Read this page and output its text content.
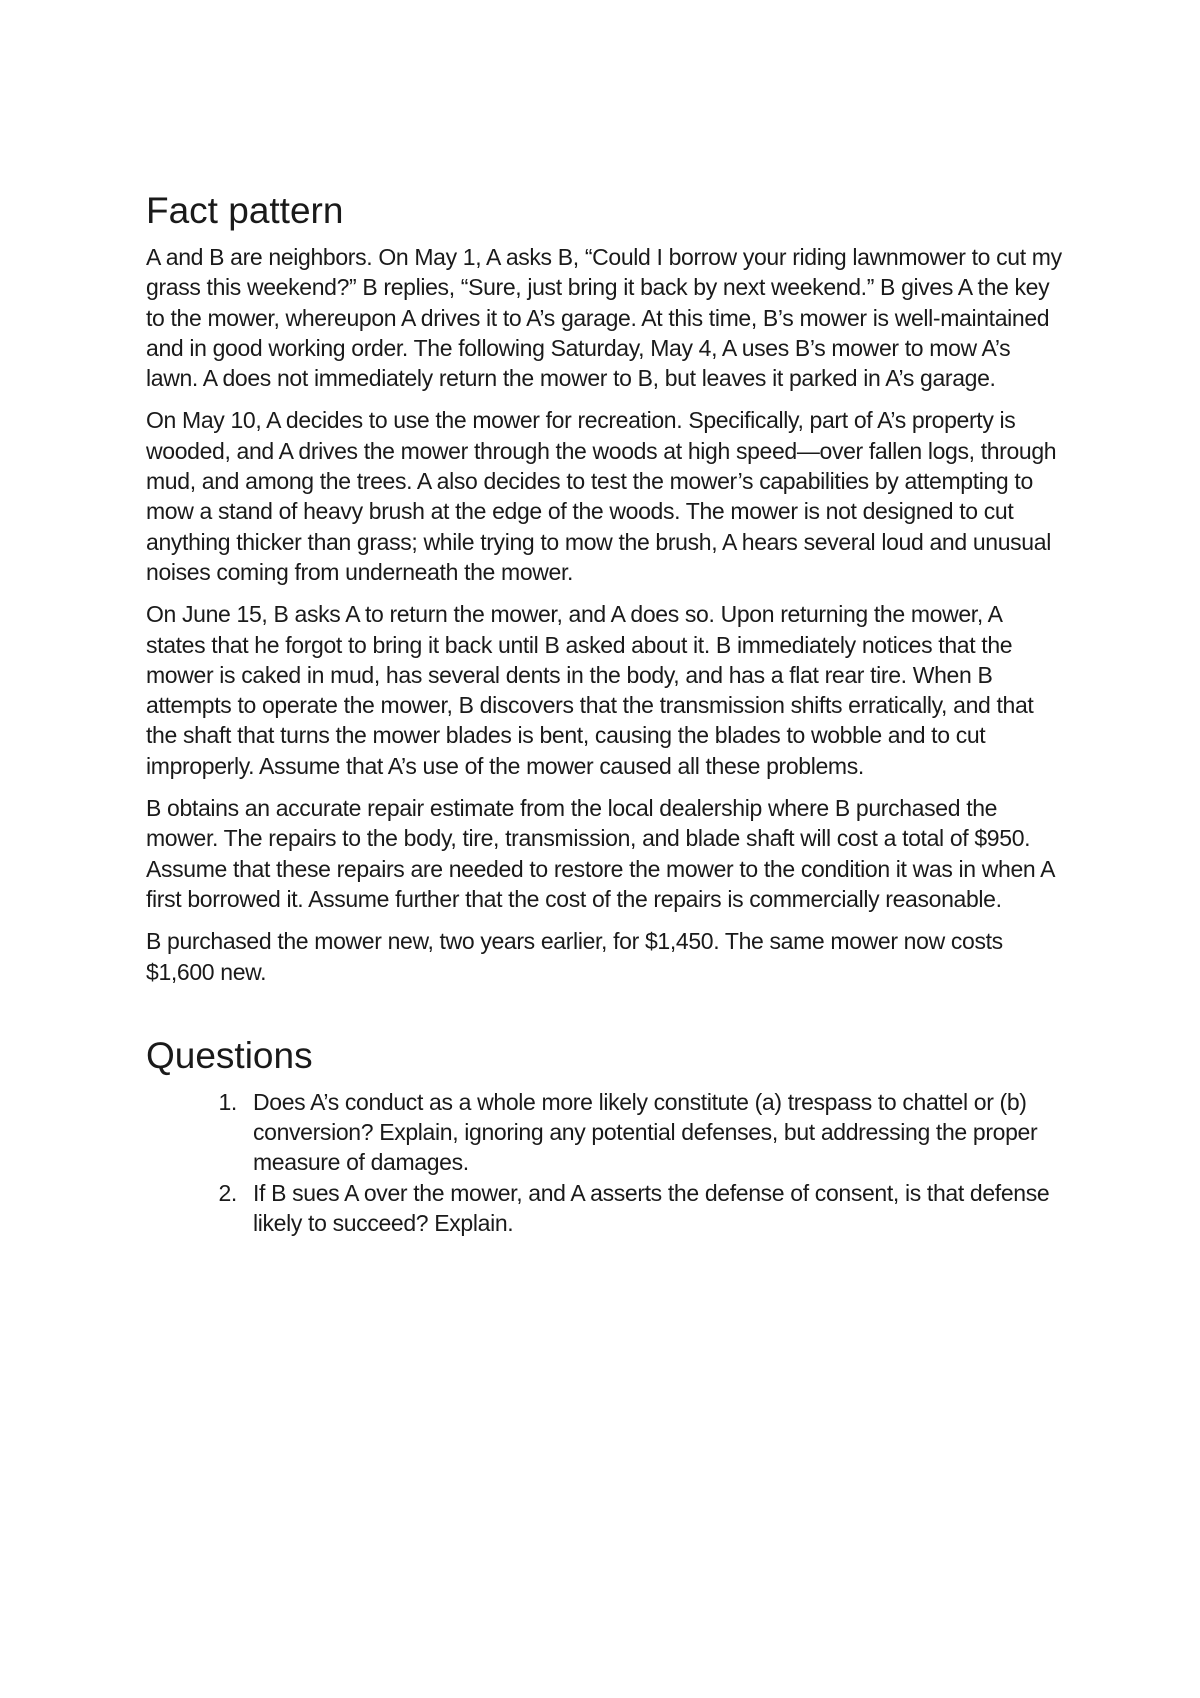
Fact pattern

A and B are neighbors. On May 1, A asks B, “Could I borrow your riding lawnmower to cut my grass this weekend?” B replies, “Sure, just bring it back by next weekend.” B gives A the key to the mower, whereupon A drives it to A’s garage. At this time, B’s mower is well-maintained and in good working order. The following Saturday, May 4, A uses B’s mower to mow A’s lawn. A does not immediately return the mower to B, but leaves it parked in A’s garage.

On May 10, A decides to use the mower for recreation. Specifically, part of A’s property is wooded, and A drives the mower through the woods at high speed—over fallen logs, through mud, and among the trees. A also decides to test the mower’s capabilities by attempting to mow a stand of heavy brush at the edge of the woods. The mower is not designed to cut anything thicker than grass; while trying to mow the brush, A hears several loud and unusual noises coming from underneath the mower.

On June 15, B asks A to return the mower, and A does so. Upon returning the mower, A states that he forgot to bring it back until B asked about it. B immediately notices that the mower is caked in mud, has several dents in the body, and has a flat rear tire. When B attempts to operate the mower, B discovers that the transmission shifts erratically, and that the shaft that turns the mower blades is bent, causing the blades to wobble and to cut improperly. Assume that A’s use of the mower caused all these problems.

B obtains an accurate repair estimate from the local dealership where B purchased the mower. The repairs to the body, tire, transmission, and blade shaft will cost a total of $950. Assume that these repairs are needed to restore the mower to the condition it was in when A first borrowed it. Assume further that the cost of the repairs is commercially reasonable.

B purchased the mower new, two years earlier, for $1,450. The same mower now costs $1,600 new.

Questions
1. Does A’s conduct as a whole more likely constitute (a) trespass to chattel or (b) conversion? Explain, ignoring any potential defenses, but addressing the proper measure of damages.
2. If B sues A over the mower, and A asserts the defense of consent, is that defense likely to succeed? Explain.
